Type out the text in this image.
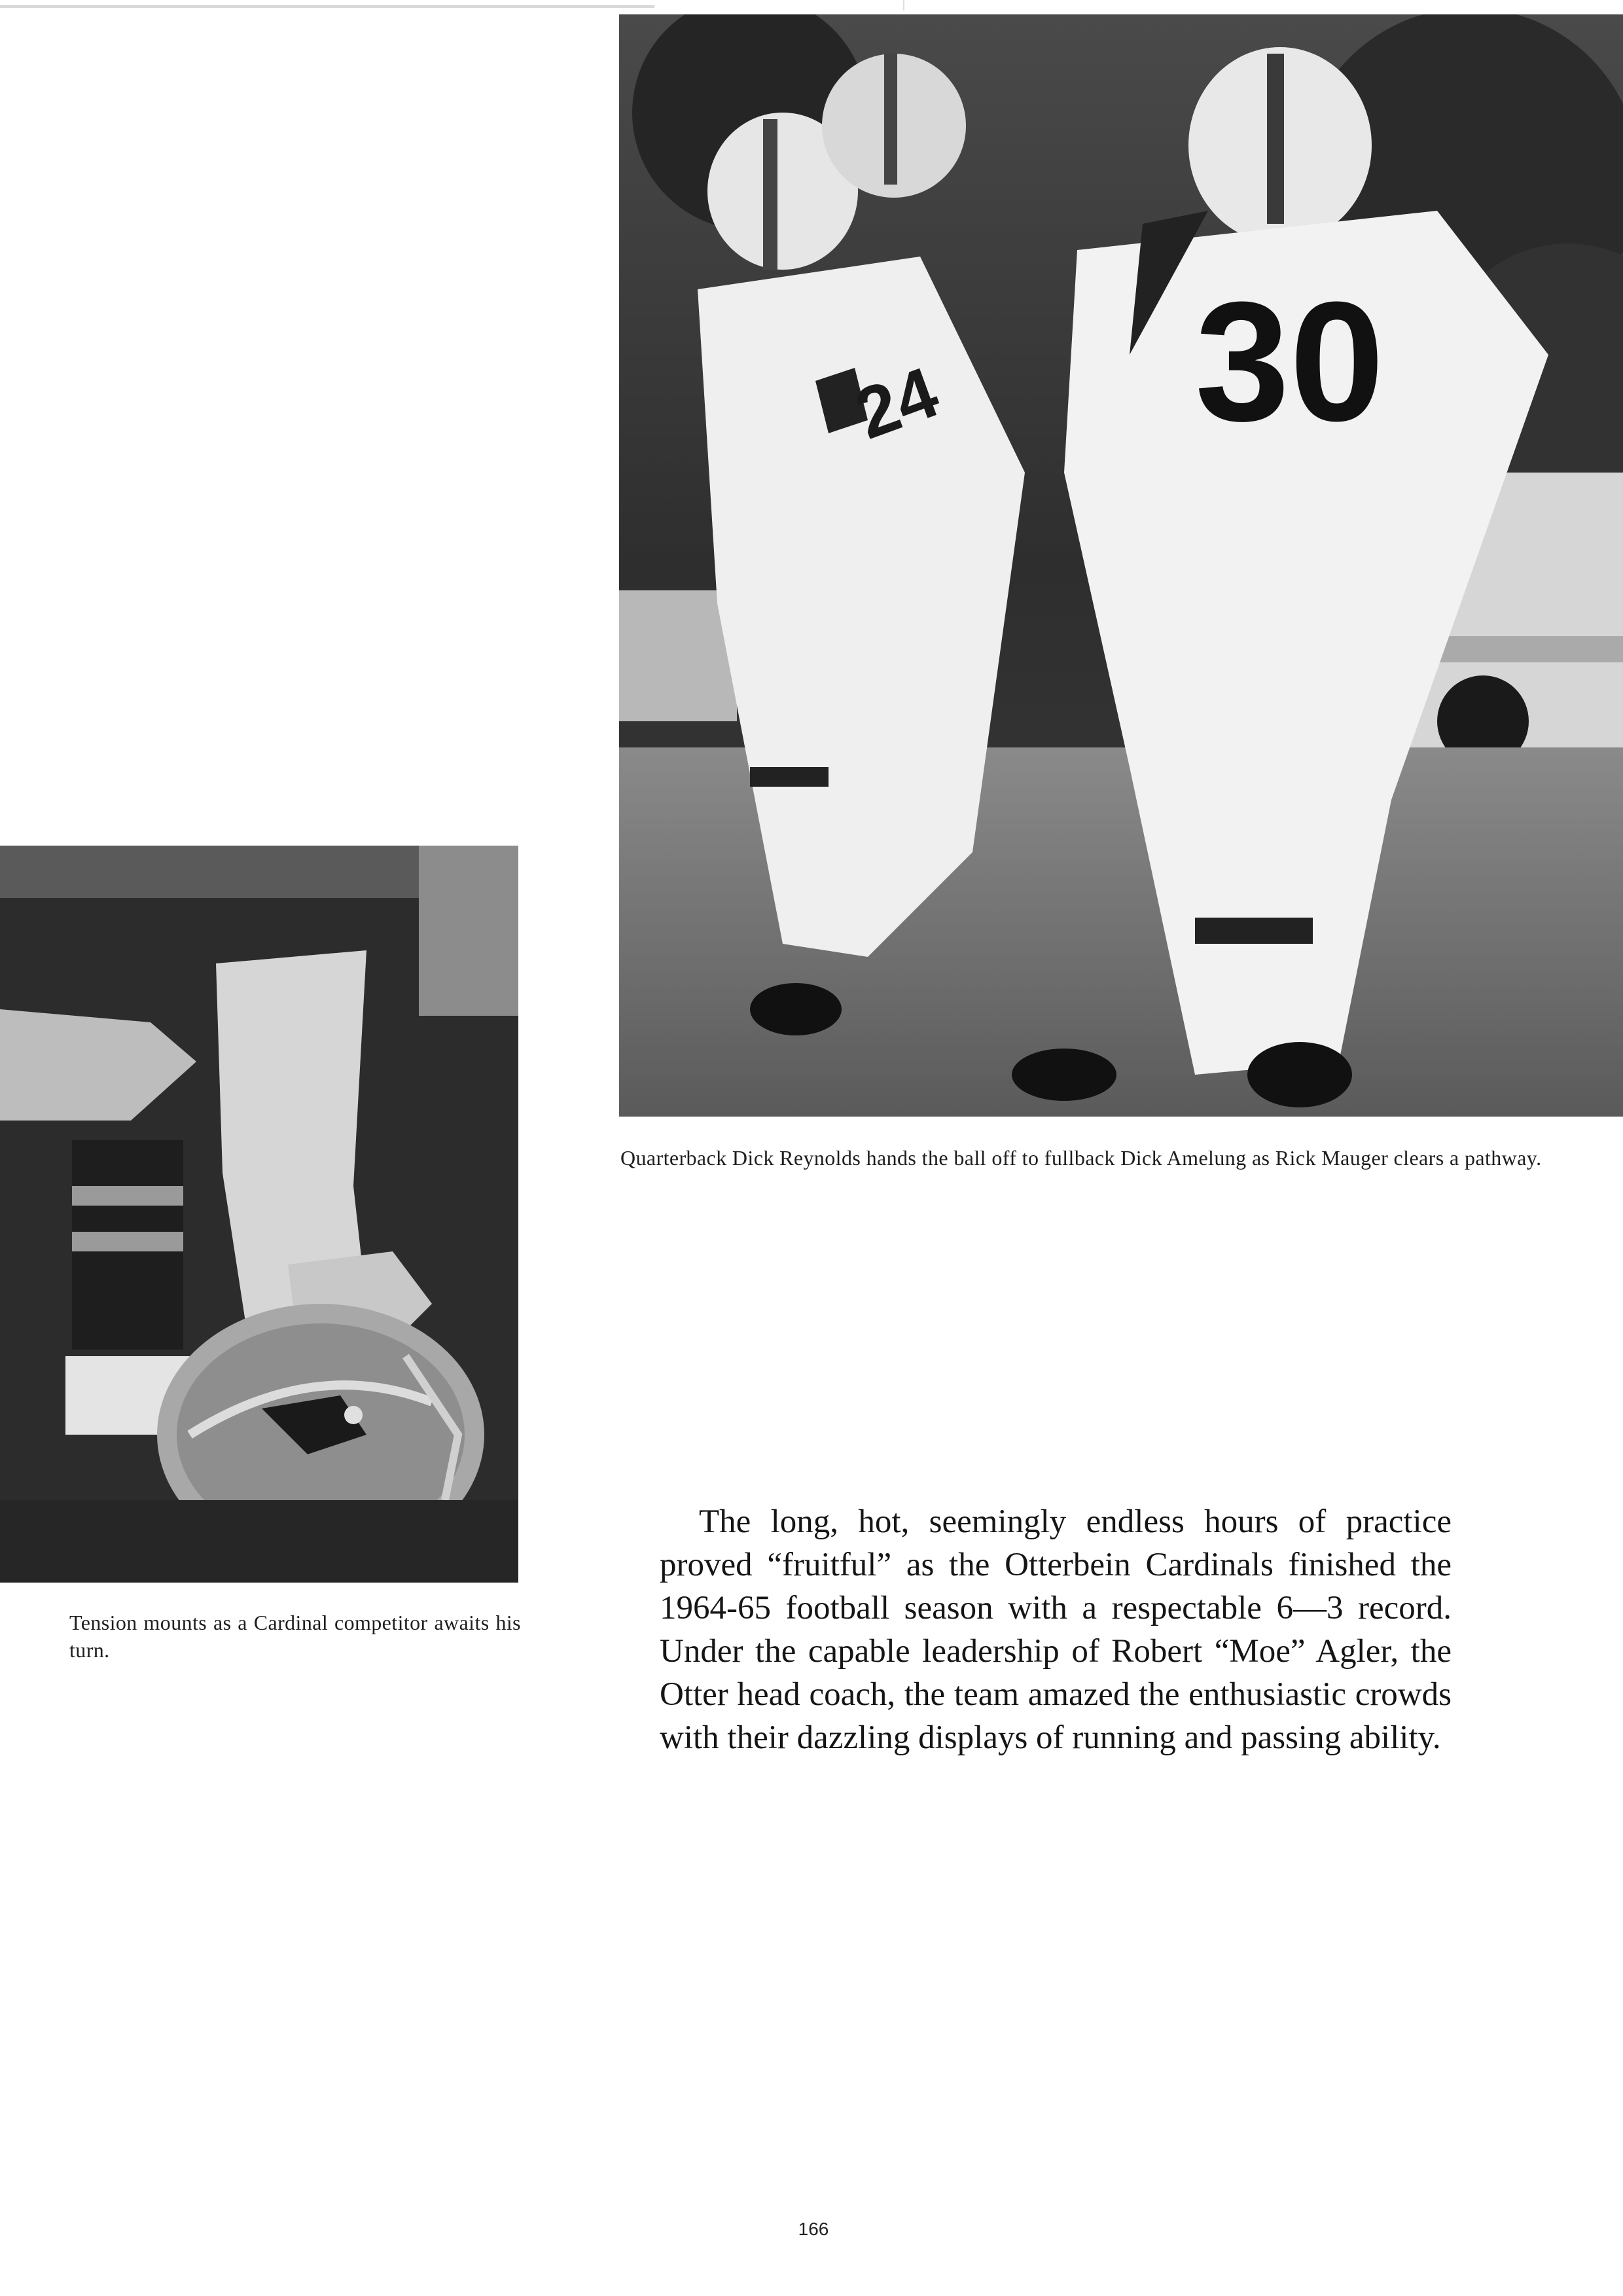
24 30
Quarterback Dick Reynolds hands the ball off to fullback Dick Amelung as Rick Mauger clears a pathway.
Tension mounts as a Cardinal competitor awaits his turn.
The long, hot, seemingly endless hours of practice proved “fruitful” as the Otterbein Cardinals finished the 1964-65 football season with a respectable 6—3 record. Under the capable leadership of Robert “Moe” Agler, the Otter head coach, the team amazed the enthusiastic crowds with their dazzling displays of running and passing ability.
166
